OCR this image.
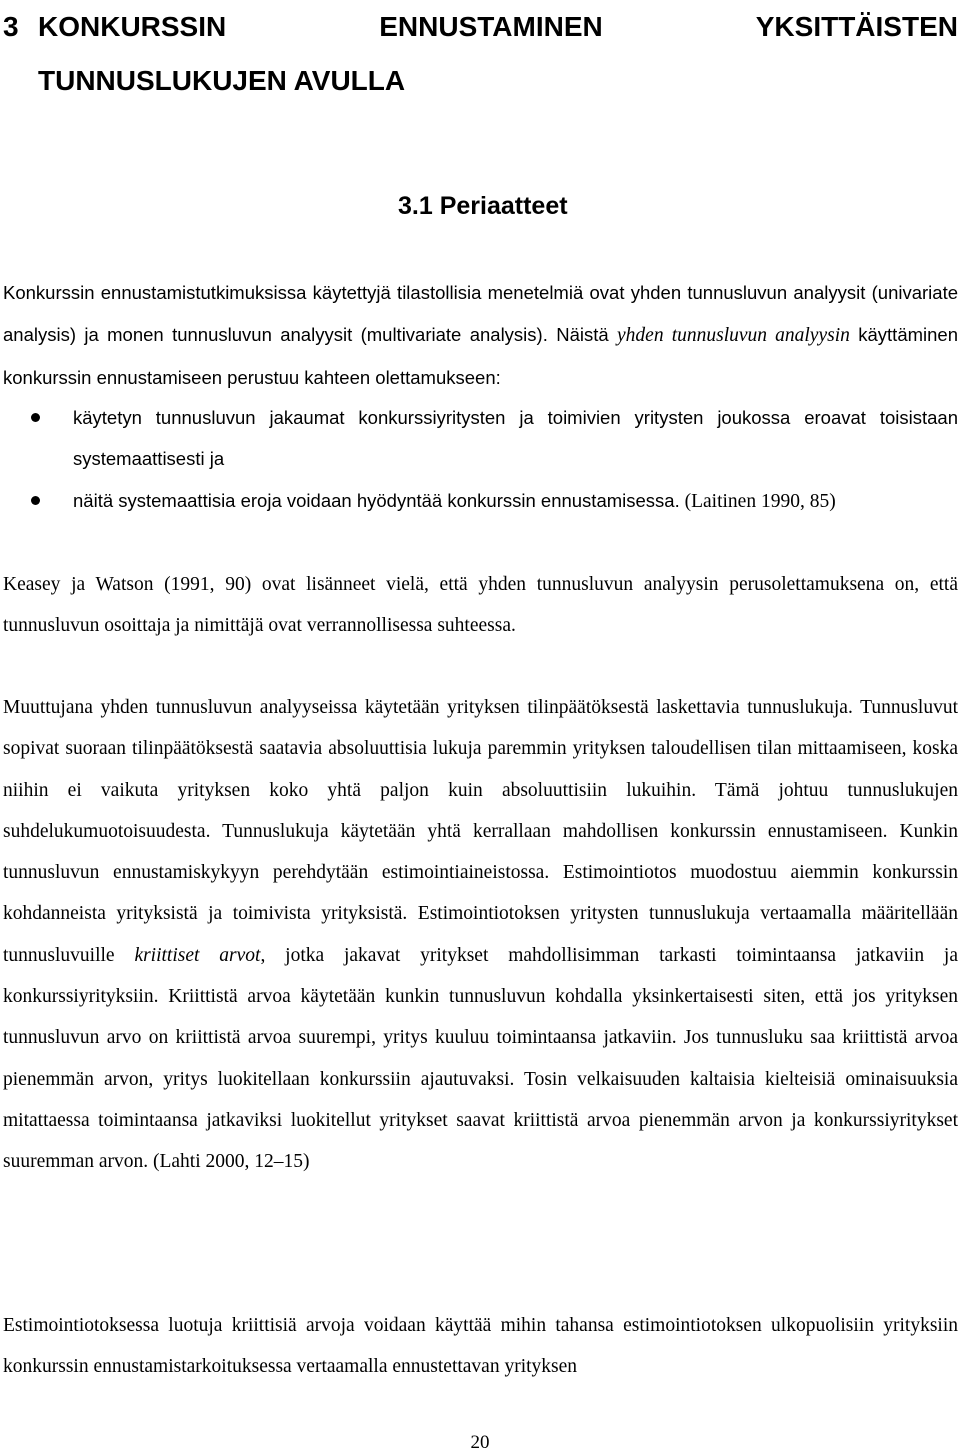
3 KONKURSSIN	ENNUSTAMINEN	YKSITTÄISTEN
TUNNUSLUKUJEN AVULLA
3.1 Periaatteet

Konkurssin ennustamistutkimuksissa käytettyjä tilastollisia menetelmiä ovat yhden tunnusluvun analyysit (univariate analysis) ja monen tunnusluvun analyysit (multivariate analysis). Näistä yhden tunnusluvun analyysin käyttäminen konkurssin ennustamiseen perustuu kahteen olettamukseen:

käytetyn tunnusluvun jakaumat konkurssiyritysten ja toimivien yritysten joukossa eroavat toisistaan systemaattisesti ja
näitä systemaattisia eroja voidaan hyödyntää konkurssin ennustamisessa. (Laitinen 1990, 85)

Keasey ja Watson (1991, 90) ovat lisänneet vielä, että yhden tunnusluvun analyysin perusolettamuksena on, että tunnusluvun osoittaja ja nimittäjä ovat verrannollisessa suhteessa.

Muuttujana yhden tunnusluvun analyyseissa käytetään yrityksen tilinpäätöksestä laskettavia tunnuslukuja. Tunnusluvut sopivat suoraan tilinpäätöksestä saatavia absoluuttisia lukuja paremmin yrityksen taloudellisen tilan mittaamiseen, koska niihin ei vaikuta yrityksen koko yhtä paljon kuin absoluuttisiin lukuihin. Tämä johtuu tunnuslukujen suhdelukumuotoisuudesta. Tunnuslukuja käytetään yhtä kerrallaan mahdollisen konkurssin ennustamiseen. Kunkin tunnusluvun ennustamiskykyyn perehdytään estimointiaineistossa. Estimointiotos muodostuu aiemmin konkurssin kohdanneista yrityksistä ja toimivista yrityksistä. Estimointiotoksen yritysten tunnuslukuja vertaamalla määritellään tunnusluvuille kriittiset arvot, jotka jakavat yritykset mahdollisimman tarkasti toimintaansa jatkaviin ja konkurssiyrityksiin. Kriittistä arvoa käytetään kunkin tunnusluvun kohdalla yksinkertaisesti siten, että jos yrityksen tunnusluvun arvo on kriittistä arvoa suurempi, yritys kuuluu toimintaansa jatkaviin. Jos tunnusluku saa kriittistä arvoa pienemmän arvon, yritys luokitellaan konkurssiin ajautuvaksi. Tosin velkaisuuden kaltaisia kielteisiä ominaisuuksia mitattaessa toimintaansa jatkaviksi luokitellut yritykset saavat kriittistä arvoa pienemmän arvon ja konkurssiyritykset suuremman arvon. (Lahti 2000, 12–15)

Estimointiotoksessa luotuja kriittisiä arvoja voidaan käyttää mihin tahansa estimointiotoksen ulkopuolisiin yrityksiin konkurssin ennustamistarkoituksessa vertaamalla ennustettavan yrityksen

20
